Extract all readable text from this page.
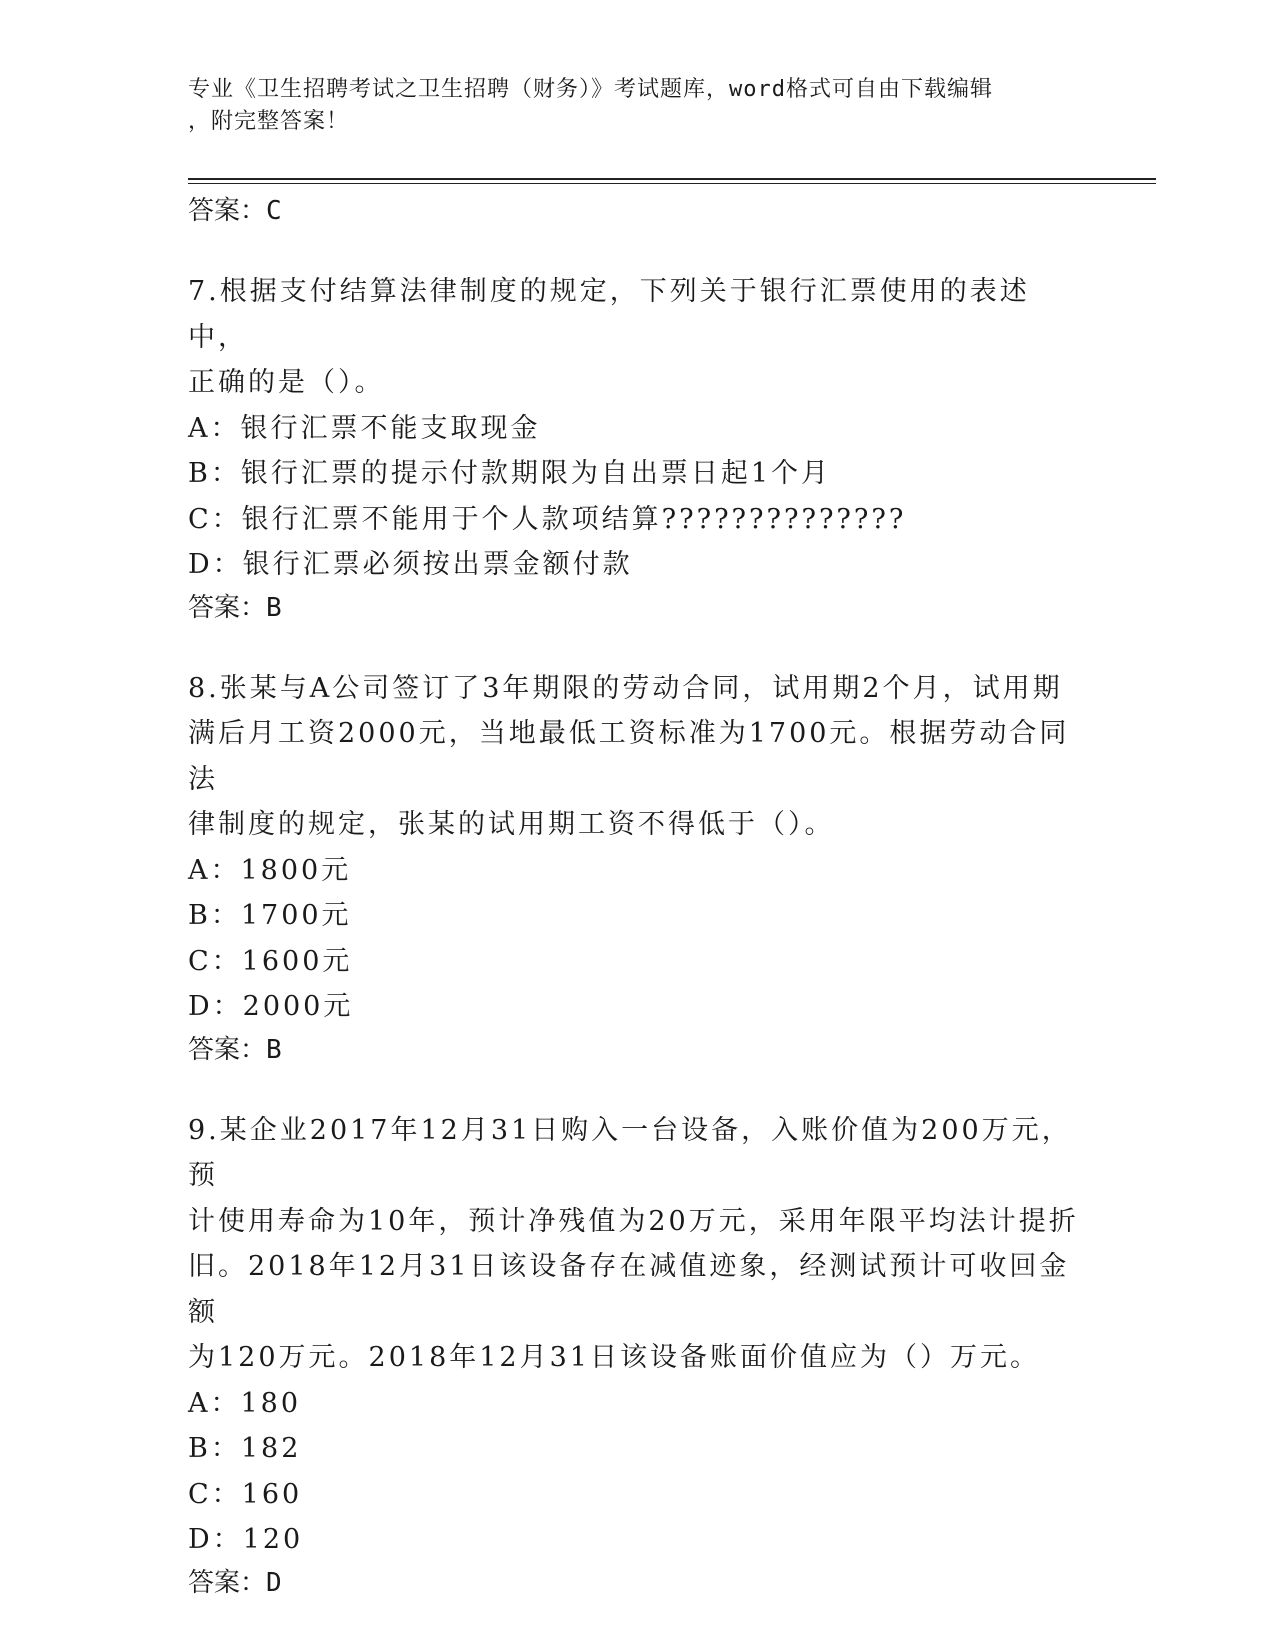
专业《卫生招聘考试之卫生招聘（财务）》考试题库，word格式可自由下载编辑
，附完整答案！

答案：C

7.根据支付结算法律制度的规定，下列关于银行汇票使用的表述中，

正确的是（）。

A：银行汇票不能支取现金

B：银行汇票的提示付款期限为自出票日起1个月

C：银行汇票不能用于个人款项结算??????????????

D：银行汇票必须按出票金额付款

答案：B

8.张某与A公司签订了3年期限的劳动合同，试用期2个月，试用期

满后月工资2000元，当地最低工资标准为1700元。根据劳动合同法

律制度的规定，张某的试用期工资不得低于（）。

A：1800元

B：1700元

C：1600元

D：2000元

答案：B

9.某企业2017年12月31日购入一台设备，入账价值为200万元，预

计使用寿命为10年，预计净残值为20万元，采用年限平均法计提折

旧。2018年12月31日该设备存在减值迹象，经测试预计可收回金额

为120万元。2018年12月31日该设备账面价值应为（）万元。

A：180

B：182

C：160

D：120

答案：D
